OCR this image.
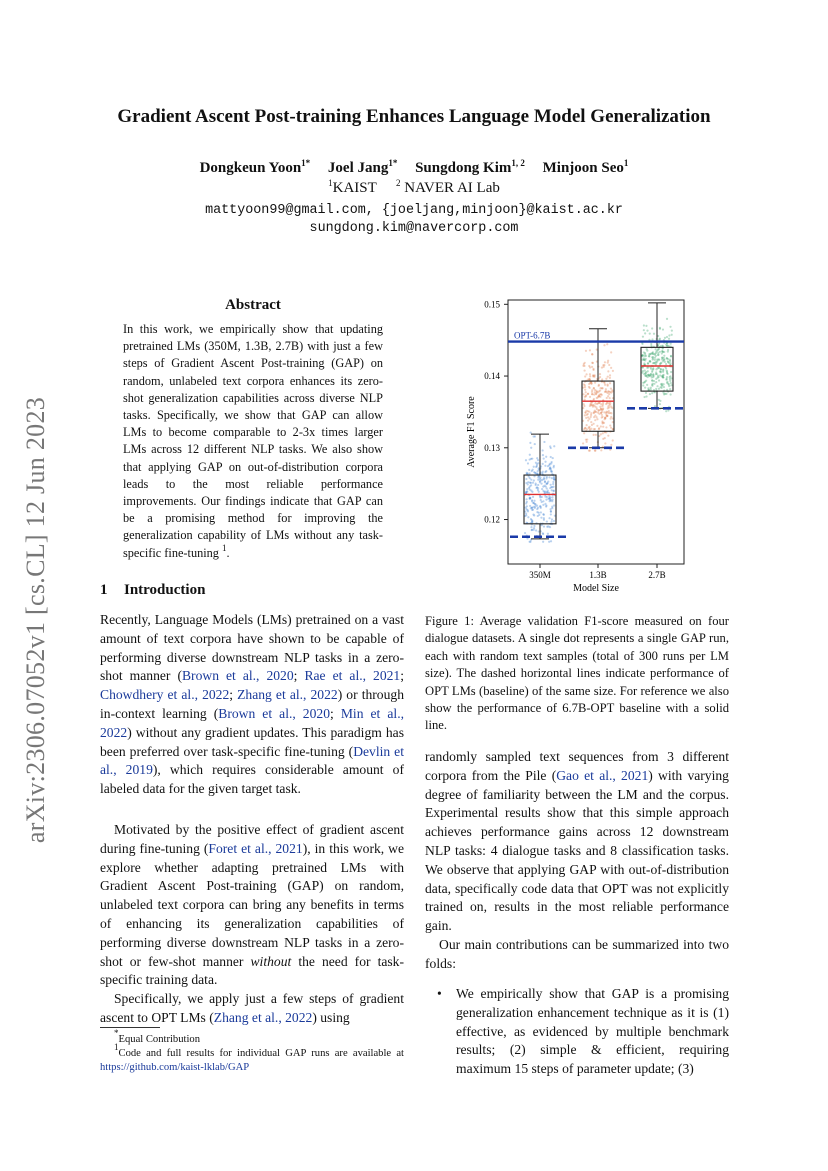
arXiv:2306.07052v1 [cs.CL] 12 Jun 2023
Gradient Ascent Post-training Enhances Language Model Generalization
Dongkeun Yoon$^{1*}$ Joel Jang$^{1*}$ Sungdong Kim$^{1, 2}$ Minjoon Seo$^1$
$^1$KAIST $^2$ NAVER AI Lab
mattyoon99@gmail.com, {joeljang,minjoon}@kaist.ac.kr
sungdong.kim@navercorp.com
Abstract
In this work, we empirically show that updating pretrained LMs (350M, 1.3B, 2.7B) with just a few steps of Gradient Ascent Post-training (GAP) on random, unlabeled text corpora enhances its zero-shot generalization capabilities across diverse NLP tasks. Specifically, we show that GAP can allow LMs to become comparable to 2-3x times larger LMs across 12 different NLP tasks. We also show that applying GAP on out-of-distribution corpora leads to the most reliable performance improvements. Our findings indicate that GAP can be a promising method for improving the generalization capability of LMs without any task-specific fine-tuning $^1$.
1 Introduction
Recently, Language Models (LMs) pretrained on a vast amount of text corpora have shown to be capable of performing diverse downstream NLP tasks in a zero-shot manner (Brown et al., 2020; Rae et al., 2021; Chowdhery et al., 2022; Zhang et al., 2022) or through in-context learning (Brown et al., 2020; Min et al., 2022) without any gradient updates. This paradigm has been preferred over task-specific fine-tuning (Devlin et al., 2019), which requires considerable amount of labeled data for the given target task.
Motivated by the positive effect of gradient ascent during fine-tuning (Foret et al., 2021), in this work, we explore whether adapting pretrained LMs with Gradient Ascent Post-training (GAP) on random, unlabeled text corpora can bring any benefits in terms of enhancing its generalization capabilities of performing diverse downstream NLP tasks in a zero-shot or few-shot manner without the need for task-specific training data.
Specifically, we apply just a few steps of gradient ascent to OPT LMs (Zhang et al., 2022) using
*Equal Contribution
$^1$Code and full results for individual GAP runs are available at https://github.com/kaist-lklab/GAP
OPT-6.7B
0.12
0.13
0.14
0.15
350M	1.3B	2.7B
Average F1 Score
Model Size
Figure 1: Average validation F1-score measured on four dialogue datasets. A single dot represents a single GAP run, each with random text samples (total of 300 runs per LM size). The dashed horizontal lines indicate performance of OPT LMs (baseline) of the same size. For reference we also show the performance of 6.7B-OPT baseline with a solid line.
randomly sampled text sequences from 3 different corpora from the Pile (Gao et al., 2021) with varying degree of familiarity between the LM and the corpus. Experimental results show that this simple approach achieves performance gains across 12 downstream NLP tasks: 4 dialogue tasks and 8 classification tasks. We observe that applying GAP with out-of-distribution data, specifically code data that OPT was not explicitly trained on, results in the most reliable performance gain.
Our main contributions can be summarized into two folds:
• We empirically show that GAP is a promising generalization enhancement technique as it is (1) effective, as evidenced by multiple benchmark results; (2) simple & efficient, requiring maximum 15 steps of parameter update; (3)
